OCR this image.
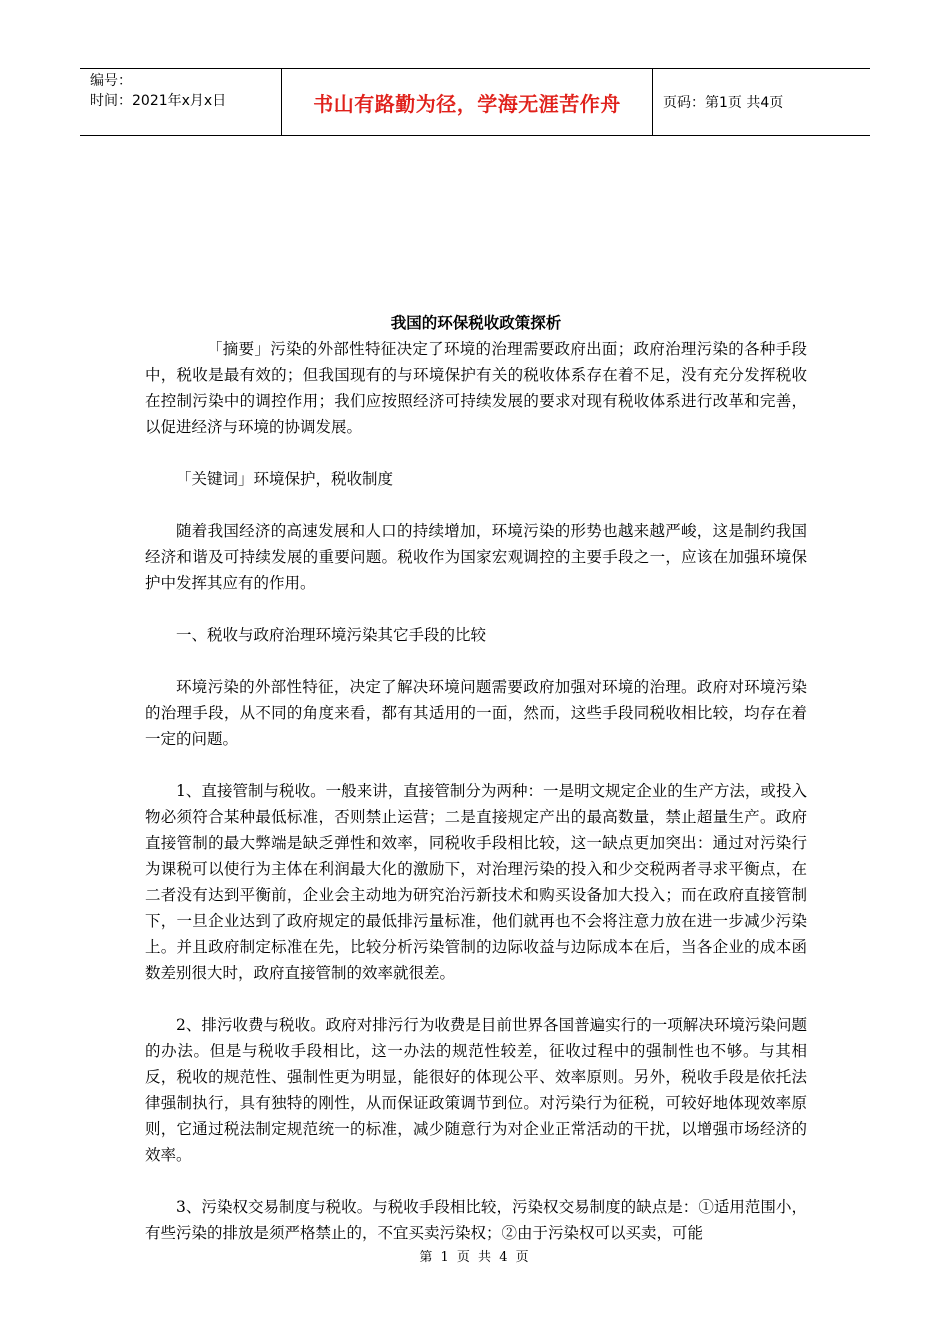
编号：
时间：2021年x月x日	书山有路勤为径，学海无涯苦作舟	页码：第1页 共4页
我国的环保税收政策探析

「摘要」污染的外部性特征决定了环境的治理需要政府出面；政府治理污染的各种手段中，税收是最有效的；但我国现有的与环境保护有关的税收体系存在着不足，没有充分发挥税收在控制污染中的调控作用；我们应按照经济可持续发展的要求对现有税收体系进行改革和完善，以促进经济与环境的协调发展。

「关键词」环境保护，税收制度

随着我国经济的高速发展和人口的持续增加，环境污染的形势也越来越严峻，这是制约我国经济和谐及可持续发展的重要问题。税收作为国家宏观调控的主要手段之一，应该在加强环境保护中发挥其应有的作用。

一、税收与政府治理环境污染其它手段的比较

环境污染的外部性特征，决定了解决环境问题需要政府加强对环境的治理。政府对环境污染的治理手段，从不同的角度来看，都有其适用的一面，然而，这些手段同税收相比较，均存在着一定的问题。

1、直接管制与税收。一般来讲，直接管制分为两种：一是明文规定企业的生产方法，或投入物必须符合某种最低标准，否则禁止运营；二是直接规定产出的最高数量，禁止超量生产。政府直接管制的最大弊端是缺乏弹性和效率，同税收手段相比较，这一缺点更加突出：通过对污染行为课税可以使行为主体在利润最大化的激励下，对治理污染的投入和少交税两者寻求平衡点，在二者没有达到平衡前，企业会主动地为研究治污新技术和购买设备加大投入；而在政府直接管制下，一旦企业达到了政府规定的最低排污量标准，他们就再也不会将注意力放在进一步减少污染上。并且政府制定标准在先，比较分析污染管制的边际收益与边际成本在后，当各企业的成本函数差别很大时，政府直接管制的效率就很差。

2、排污收费与税收。政府对排污行为收费是目前世界各国普遍实行的一项解决环境污染问题的办法。但是与税收手段相比，这一办法的规范性较差，征收过程中的强制性也不够。与其相反，税收的规范性、强制性更为明显，能很好的体现公平、效率原则。另外，税收手段是依托法律强制执行，具有独特的刚性，从而保证政策调节到位。对污染行为征税，可较好地体现效率原则，它通过税法制定规范统一的标准，减少随意行为对企业正常活动的干扰，以增强市场经济的效率。

3、污染权交易制度与税收。与税收手段相比较，污染权交易制度的缺点是：①适用范围小，有些污染的排放是须严格禁止的，不宜买卖污染权；②由于污染权可以买卖，可能

第 1 页 共 4 页
